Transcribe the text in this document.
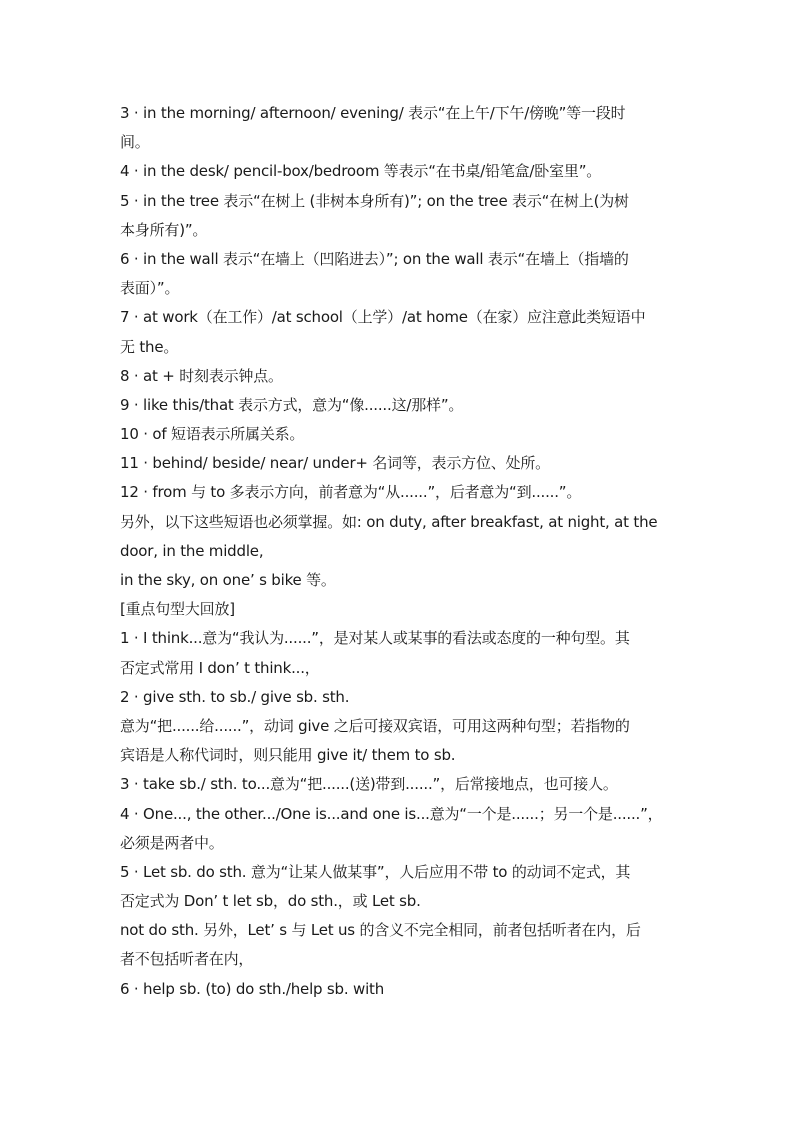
3 · in the morning/ afternoon/ evening/ 表示“在上午/下午/傍晚”等一段时
间。
4 · in the desk/ pencil-box/bedroom 等表示“在书桌/铅笔盒/卧室里”。
5 · in the tree 表示“在树上 (非树本身所有)”; on the tree 表示“在树上(为树
本身所有)”。
6 · in the wall 表示“在墙上（凹陷进去）”; on the wall 表示“在墙上（指墙的
表面）”。
7 · at work（在工作）/at school（上学）/at home（在家）应注意此类短语中
无 the。
8 · at + 时刻表示钟点。
9 · like this/that 表示方式，意为“像......这/那样”。
10 · of 短语表示所属关系。
11 · behind/ beside/ near/ under+ 名词等，表示方位、处所。
12 · from 与 to 多表示方向，前者意为“从......”，后者意为“到......”。
另外，以下这些短语也必须掌握。如: on duty, after breakfast, at night, at the
door, in the middle,
in the sky, on one’ s bike 等。
[重点句型大回放]
1 · I think...意为“我认为......”，是对某人或某事的看法或态度的一种句型。其
否定式常用 I don’ t think...，
2 · give sth. to sb./ give sb. sth.
意为“把......给......”，动词 give 之后可接双宾语，可用这两种句型；若指物的
宾语是人称代词时，则只能用 give it/ them to sb.
3 · take sb./ sth. to...意为“把......(送)带到......”，后常接地点，也可接人。
4 · One..., the other.../One is...and one is...意为“一个是......；另一个是......”，
必须是两者中。
5 · Let sb. do sth. 意为“让某人做某事”，人后应用不带 to 的动词不定式，其
否定式为 Don’ t let sb，do sth.，或 Let sb.
not do sth. 另外，Let’ s 与 Let us 的含义不完全相同，前者包括听者在内，后
者不包括听者在内，
6 · help sb. (to) do sth./help sb. with
